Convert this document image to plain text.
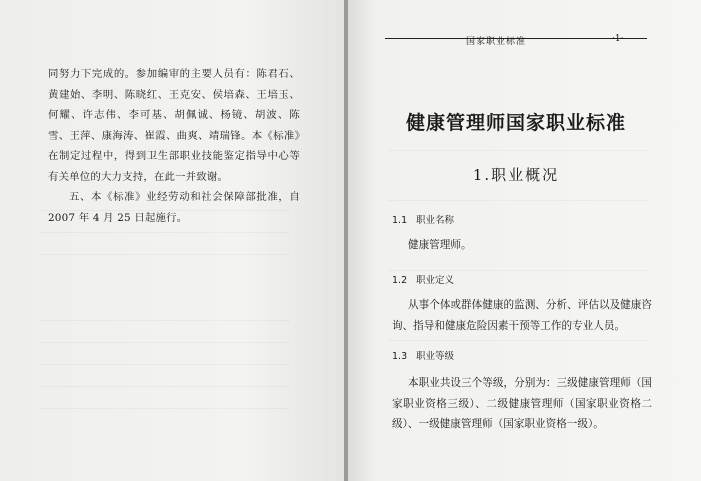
同努力下完成的。参加编审的主要人员有：陈君石、黄建始、李明、陈晓红、王克安、侯培森、王培玉、何耀、许志伟、李可基、胡佩诚、杨镜、胡波、陈雪、王萍、康海涛、崔霞、曲爽、靖瑞锋。本《标准》在制定过程中，得到卫生部职业技能鉴定指导中心等有关单位的大力支持，在此一并致谢。

五、本《标准》业经劳动和社会保障部批准，自2007 年 4 月 25 日起施行。

国家职业标准	·1·
健康管理师国家职业标准
1.职业概况
1.1 职业名称

健康管理师。

1.2 职业定义

从事个体或群体健康的监测、分析、评估以及健康咨询、指导和健康危险因素干预等工作的专业人员。

1.3 职业等级

本职业共设三个等级，分别为：三级健康管理师（国家职业资格三级）、二级健康管理师（国家职业资格二级）、一级健康管理师（国家职业资格一级）。
